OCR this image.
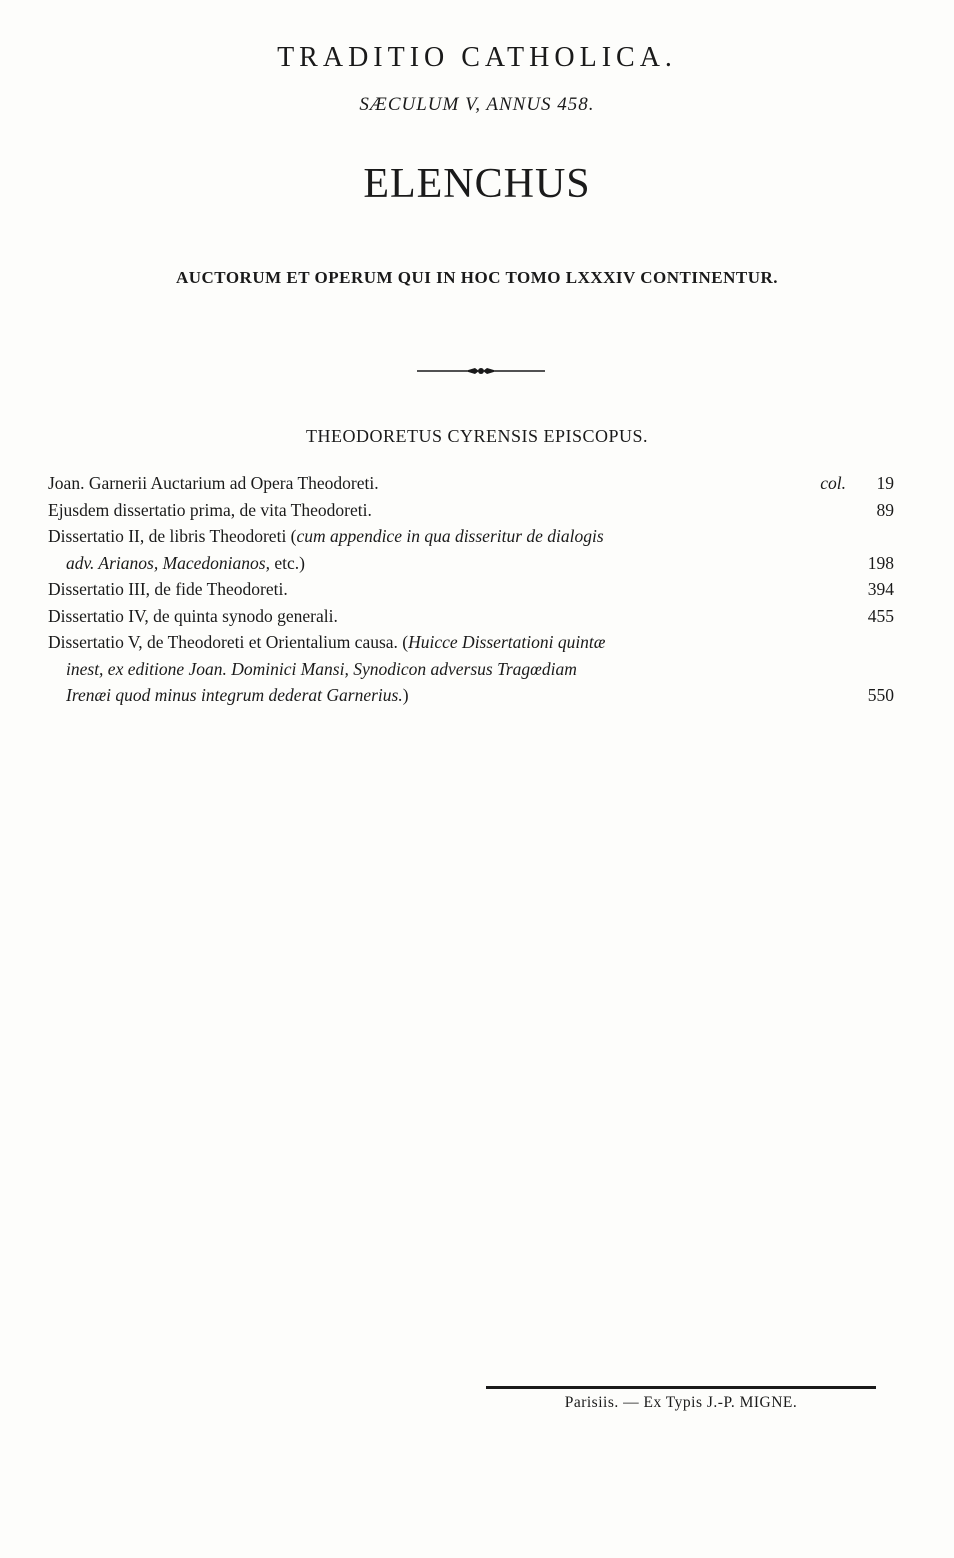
TRADITIO CATHOLICA.
SÆCULUM V, ANNUS 458.
ELENCHUS
AUCTORUM ET OPERUM QUI IN HOC TOMO LXXXIV CONTINENTUR.
THEODORETUS CYRENSIS EPISCOPUS.
Joan. Garnerii Auctarium ad Opera Theodoreti.	col.	19
Ejusdem dissertatio prima, de vita Theodoreti.	89
Dissertatio II, de libris Theodoreti (cum appendice in qua disseritur de dialogis
adv. Arianos, Macedonianos, etc.)	198
Dissertatio III, de fide Theodoreti.	394
Dissertatio IV, de quinta synodo generali.	455
Dissertatio V, de Theodoreti et Orientalium causa. (Huicce Dissertationi quintæ
inest, ex editione Joan. Dominici Mansi, Synodicon adversus Tragœdiam
Irenæi quod minus integrum dederat Garnerius.)	550
Parisiis. — Ex Typis J.-P. MIGNE.
